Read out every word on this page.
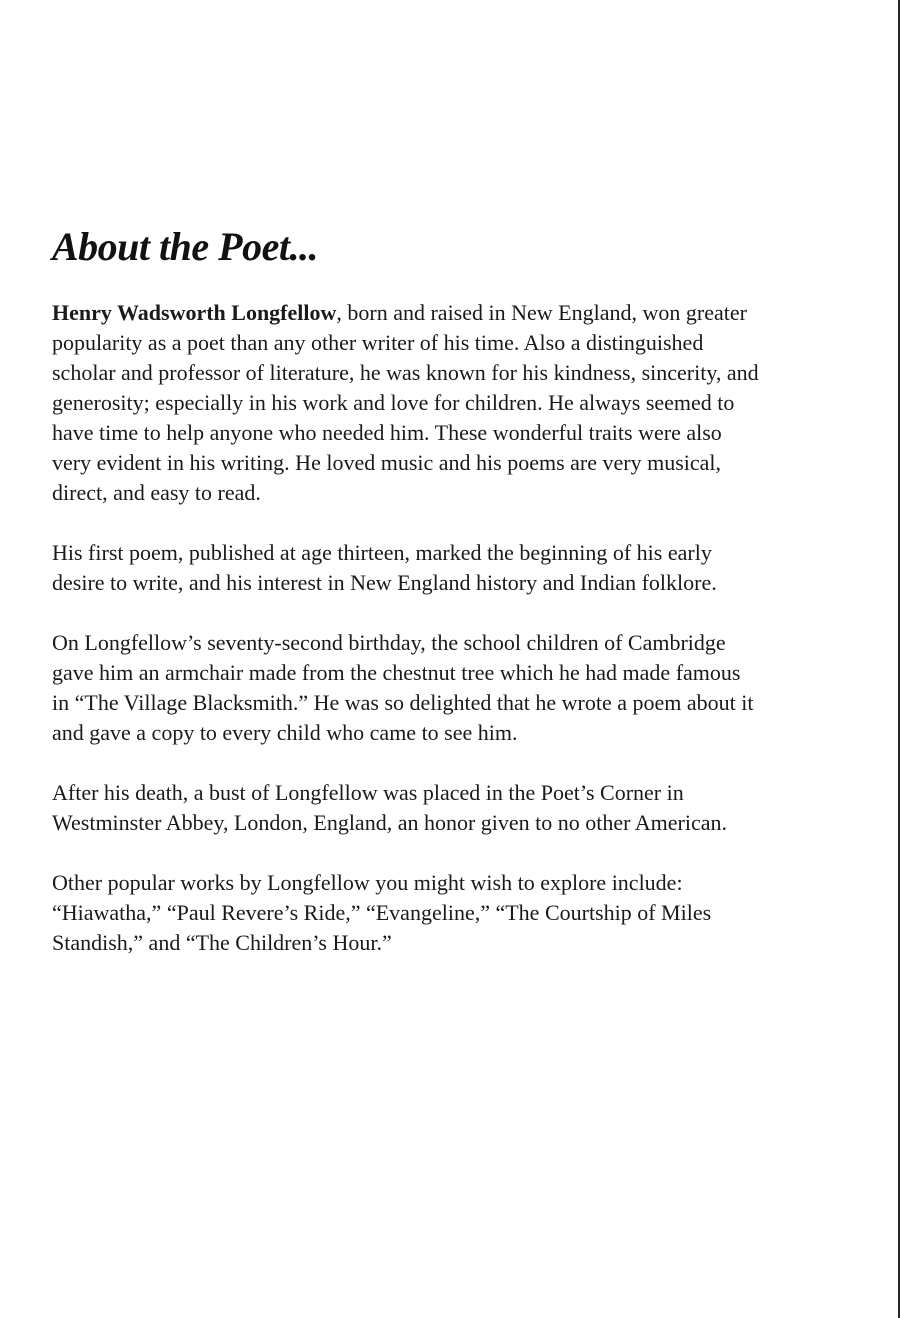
About the Poet...

Henry Wadsworth Longfellow, born and raised in New England, won greater
popularity as a poet than any other writer of his time. Also a distinguished
scholar and professor of literature, he was known for his kindness, sincerity, and
generosity; especially in his work and love for children. He always seemed to
have time to help anyone who needed him. These wonderful traits were also
very evident in his writing. He loved music and his poems are very musical,
direct, and easy to read.

His first poem, published at age thirteen, marked the beginning of his early
desire to write, and his interest in New England history and Indian folklore.

On Longfellow’s seventy-second birthday, the school children of Cambridge
gave him an armchair made from the chestnut tree which he had made famous
in “The Village Blacksmith.” He was so delighted that he wrote a poem about it
and gave a copy to every child who came to see him.

After his death, a bust of Longfellow was placed in the Poet’s Corner in
Westminster Abbey, London, England, an honor given to no other American.

Other popular works by Longfellow you might wish to explore include:
“Hiawatha,” “Paul Revere’s Ride,” “Evangeline,” “The Courtship of Miles
Standish,” and “The Children’s Hour.”
